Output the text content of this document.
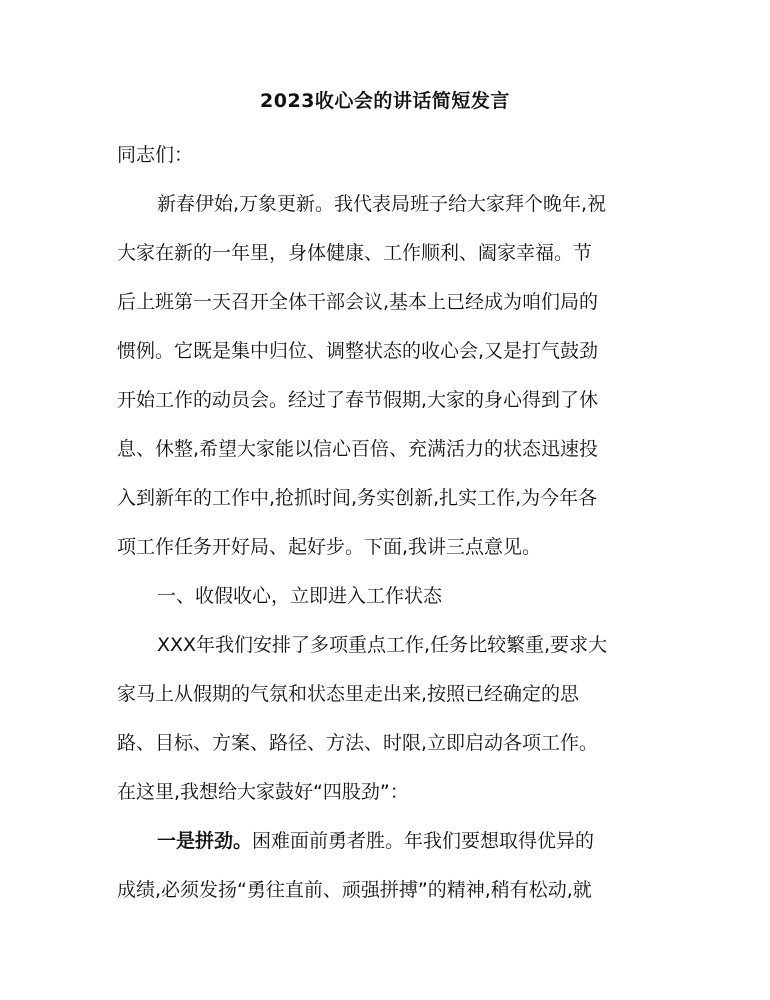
2023收心会的讲话简短发言

同志们：

新春伊始,万象更新。我代表局班子给大家拜个晚年,祝

大家在新的一年里，身体健康、工作顺利、阖家幸福。节

后上班第一天召开全体干部会议,基本上已经成为咱们局的

惯例。它既是集中归位、调整状态的收心会,又是打气鼓劲

开始工作的动员会。经过了春节假期,大家的身心得到了休

息、休整,希望大家能以信心百倍、充满活力的状态迅速投

入到新年的工作中,抢抓时间,务实创新,扎实工作,为今年各

项工作任务开好局、起好步。下面,我讲三点意见。

一、收假收心，立即进入工作状态

XXX年我们安排了多项重点工作,任务比较繁重,要求大

家马上从假期的气氛和状态里走出来,按照已经确定的思

路、目标、方案、路径、方法、时限,立即启动各项工作。

在这里,我想给大家鼓好“四股劲”：

一是拼劲。困难面前勇者胜。年我们要想取得优异的

成绩,必须发扬“勇往直前、顽强拼搏”的精神,稍有松动,就
